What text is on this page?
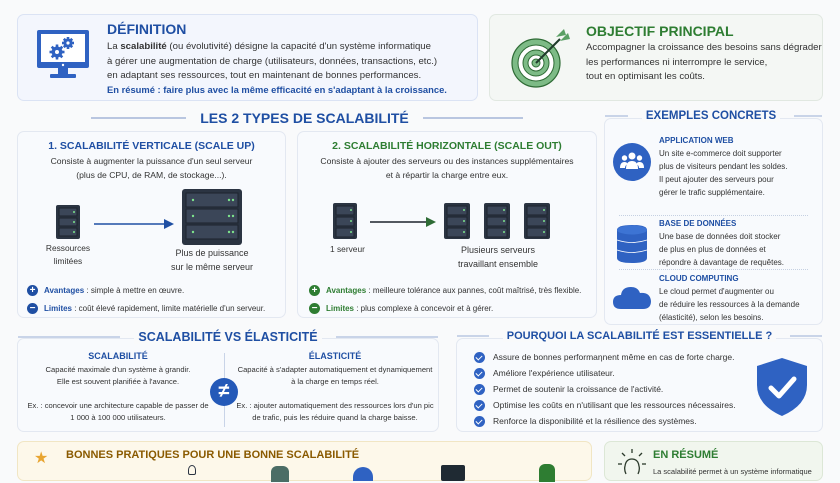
DÉFINITION
La scalabilité (ou évolutivité) désigne la capacité d'un système informatique
à gérer une augmentation de charge (utilisateurs, données, transactions, etc.)
en adaptant ses ressources, tout en maintenant de bonnes performances.
En résumé : faire plus avec la même efficacité en s'adaptant à la croissance.
OBJECTIF PRINCIPAL
Accompagner la croissance des besoins sans dégrader
les performances ni interrompre le service,
tout en optimisant les coûts.
LES 2 TYPES DE SCALABILITÉ
1. SCALABILITÉ VERTICALE (SCALE UP)
Consiste à augmenter la puissance d'un seul serveur
(plus de CPU, de RAM, de stockage...).
Ressources
limitées
Plus de puissance
sur le même serveur
+	Avantages : simple à mettre en œuvre.
−	Limites : coût élevé rapidement, limite matérielle d'un serveur.
2. SCALABILITÉ HORIZONTALE (SCALE OUT)
Consiste à ajouter des serveurs ou des instances supplémentaires
et à répartir la charge entre eux.
1 serveur	Plusieurs serveurs
travaillant ensemble
+	Avantages : meilleure tolérance aux pannes, coût maîtrisé, très flexible.
−	Limites : plus complexe à concevoir et à gérer.
EXEMPLES CONCRETS
APPLICATION WEB
Un site e-commerce doit supporter
plus de visiteurs pendant les soldes.
Il peut ajouter des serveurs pour
gérer le trafic supplémentaire.
BASE DE DONNÉES
Une base de données doit stocker
de plus en plus de données et
répondre à davantage de requêtes.
CLOUD COMPUTING
Le cloud permet d'augmenter ou
de réduire les ressources à la demande
(élasticité), selon les besoins.
SCALABILITÉ VS ÉLASTICITÉ
SCALABILITÉ
Capacité maximale d'un système à grandir.
Elle est souvent planifiée à l'avance.
Ex. : concevoir une architecture capable de passer de
1 000 à 100 000 utilisateurs.
≠
ÉLASTICITÉ
Capacité à s'adapter automatiquement et dynamiquement
à la charge en temps réel.
Ex. : ajouter automatiquement des ressources lors d'un pic
de trafic, puis les réduire quand la charge baisse.
POURQUOI LA SCALABILITÉ EST ESSENTIELLE ?
Assure de bonnes performaηnent même en cas de forte charge.
Améliore l'expérience utilisateur.
Permet de soutenir la croissance de l'activité.
Optimise les coûts en n'utilisant que les ressources nécessaires.
Renforce la disponibilité et la résilience des systèmes.
★ BONNES PRATIQUES POUR UNE BONNE SCALABILITÉ	EN RÉSUMÉ
La scalabilité permet à un système informatique
